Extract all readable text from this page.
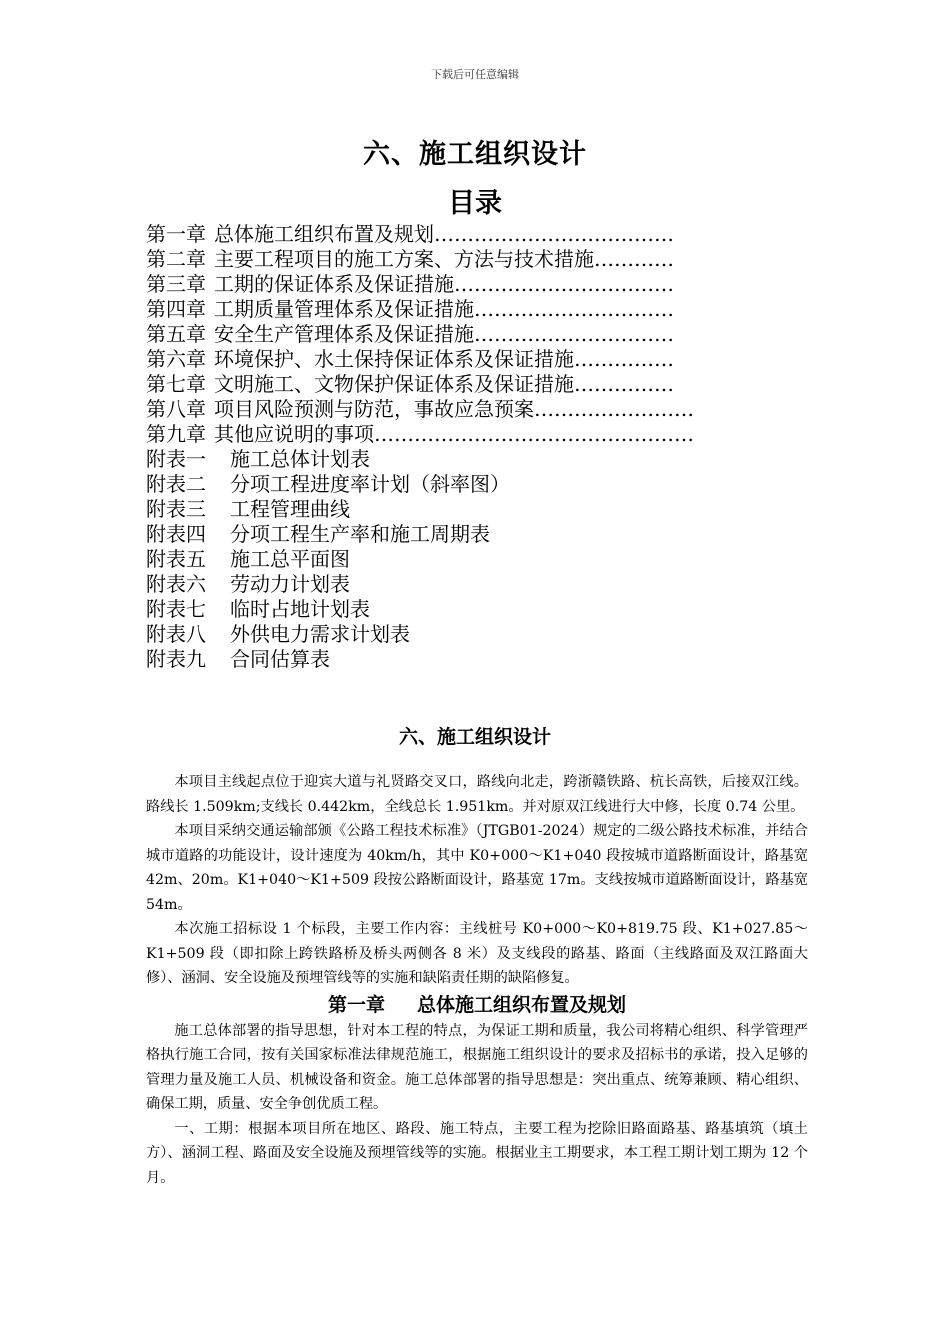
下载后可任意编辑
六、施工组织设计
目录
第一章 总体施工组织布置及规划………………………………
第二章 主要工程项目的施工方案、方法与技术措施…………
第三章 工期的保证体系及保证措施……………………………
第四章 工期质量管理体系及保证措施…………………………
第五章 安全生产管理体系及保证措施…………………………
第六章 环境保护、水土保持保证体系及保证措施……………
第七章 文明施工、文物保护保证体系及保证措施……………
第八章 项目风险预测与防范，事故应急预案……………………
第九章 其他应说明的事项…………………………………………
附表一 施工总体计划表
附表二 分项工程进度率计划（斜率图）
附表三 工程管理曲线
附表四 分项工程生产率和施工周期表
附表五 施工总平面图
附表六 劳动力计划表
附表七 临时占地计划表
附表八 外供电力需求计划表
附表九 合同估算表
六、施工组织设计

本项目主线起点位于迎宾大道与礼贤路交叉口，路线向北走，跨浙赣铁路、杭长高铁，后接双江线。路线长 1.509km;支线长 0.442km，全线总长 1.951km。并对原双江线进行大中修，长度 0.74 公里。

本项目采纳交通运输部颁《公路工程技术标准》（JTGB01-2024）规定的二级公路技术标准，并结合城市道路的功能设计，设计速度为 40km/h，其中 K0+000～K1+040 段按城市道路断面设计，路基宽 42m、20m。K1+040～K1+509 段按公路断面设计，路基宽 17m。支线按城市道路断面设计，路基宽 54m。

本次施工招标设 1 个标段，主要工作内容：主线桩号 K0+000～K0+819.75 段、K1+027.85～K1+509 段（即扣除上跨铁路桥及桥头两侧各 8 米）及支线段的路基、路面（主线路面及双江路面大修）、涵洞、安全设施及预埋管线等的实施和缺陷责任期的缺陷修复。

第一章 总体施工组织布置及规划

施工总体部署的指导思想，针对本工程的特点，为保证工期和质量，我公司将精心组织、科学管理严格执行施工合同，按有关国家标准法律规范施工，根据施工组织设计的要求及招标书的承诺，投入足够的管理力量及施工人员、机械设备和资金。施工总体部署的指导思想是：突出重点、统筹兼顾、精心组织、确保工期，质量、安全争创优质工程。

一、工期：根据本项目所在地区、路段、施工特点，主要工程为挖除旧路面路基、路基填筑（填土方）、涵洞工程、路面及安全设施及预埋管线等的实施。根据业主工期要求，本工程工期计划工期为 12 个月。
